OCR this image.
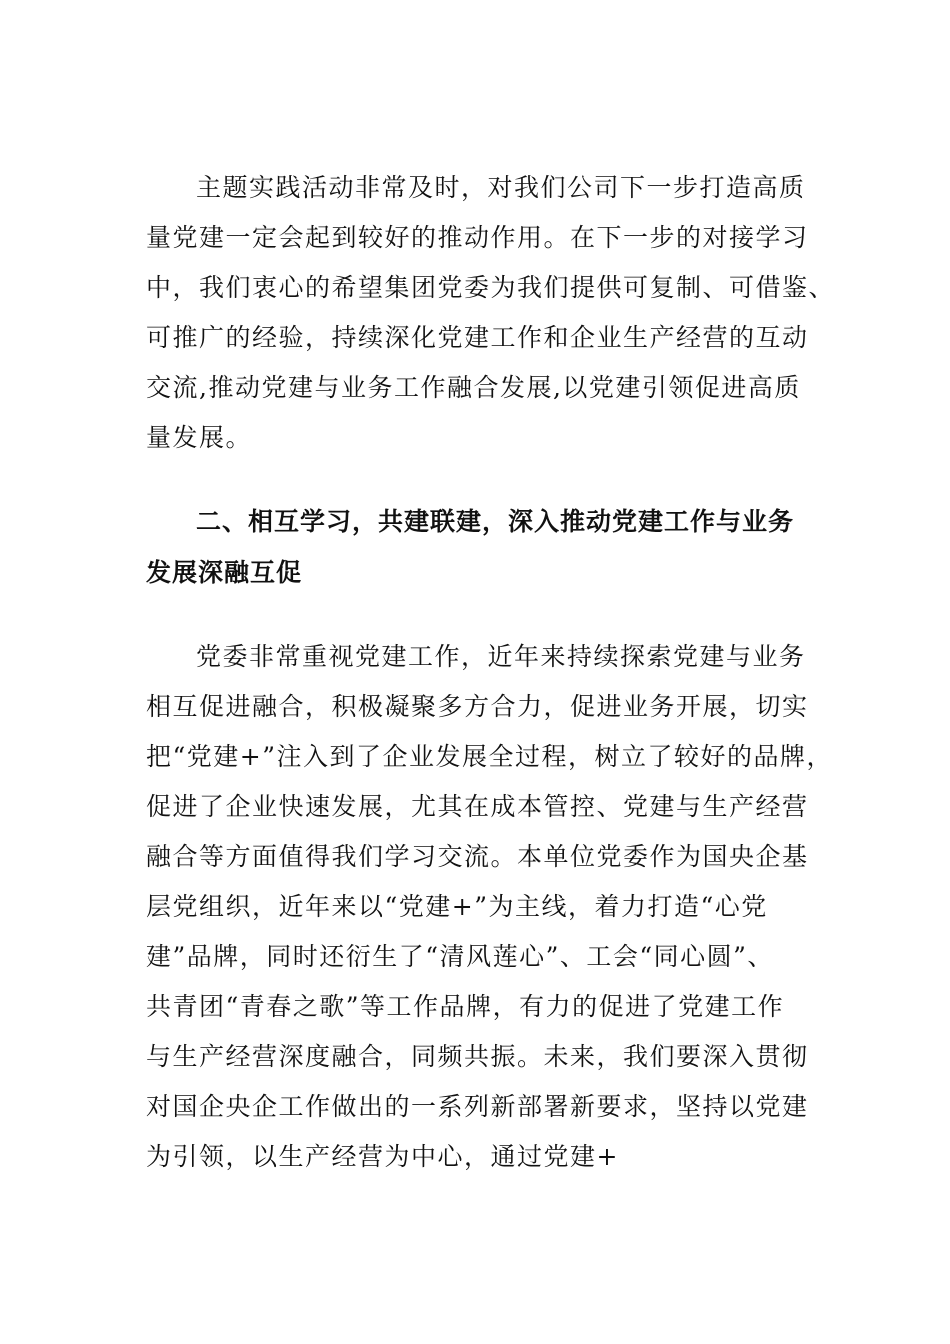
主题实践活动非常及时，对我们公司下一步打造高质
量党建一定会起到较好的推动作用。在下一步的对接学习
中，我们衷心的希望集团党委为我们提供可复制、可借鉴、
可推广的经验，持续深化党建工作和企业生产经营的互动
交流,推动党建与业务工作融合发展,以党建引领促进高质
量发展。
二、相互学习，共建联建，深入推动党建工作与业务
发展深融互促
党委非常重视党建工作，近年来持续探索党建与业务
相互促进融合，积极凝聚多方合力，促进业务开展，切实
把“党建+”注入到了企业发展全过程，树立了较好的品牌，
促进了企业快速发展，尤其在成本管控、党建与生产经营
融合等方面值得我们学习交流。本单位党委作为国央企基
层党组织，近年来以“党建+”为主线，着力打造“心党
建”品牌，同时还衍生了“清风莲心”、工会“同心圆”、
共青团“青春之歌”等工作品牌，有力的促进了党建工作
与生产经营深度融合，同频共振。未来，我们要深入贯彻
对国企央企工作做出的一系列新部署新要求，坚持以党建
为引领，以生产经营为中心，通过党建+
